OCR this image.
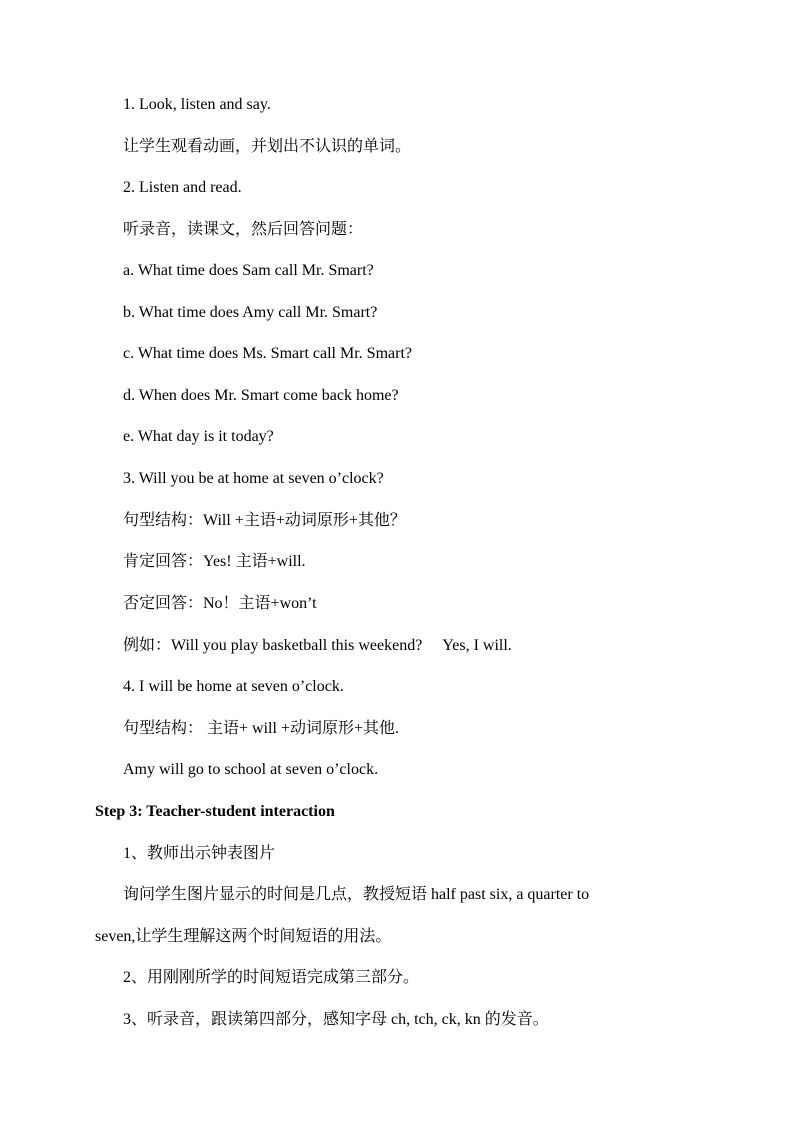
1. Look, listen and say.
让学生观看动画，并划出不认识的单词。
2. Listen and read.
听录音，读课文，然后回答问题：
a. What time does Sam call Mr. Smart?
b. What time does Amy call Mr. Smart?
c. What time does Ms. Smart call Mr. Smart?
d. When does Mr. Smart come back home?
e. What day is it today?
3. Will you be at home at seven o’clock?
句型结构：Will +主语+动词原形+其他？
肯定回答：Yes! 主语+will.
否定回答：No！主语+won’t
例如：Will you play basketball this weekend? Yes, I will.
4. I will be home at seven o’clock.
句型结构： 主语+ will +动词原形+其他.
Amy will go to school at seven o’clock.
Step 3: Teacher-student interaction
1、教师出示钟表图片
询问学生图片显示的时间是几点，教授短语 half past six, a quarter to
seven,让学生理解这两个时间短语的用法。
2、用刚刚所学的时间短语完成第三部分。
3、听录音，跟读第四部分，感知字母 ch, tch, ck, kn 的发音。
